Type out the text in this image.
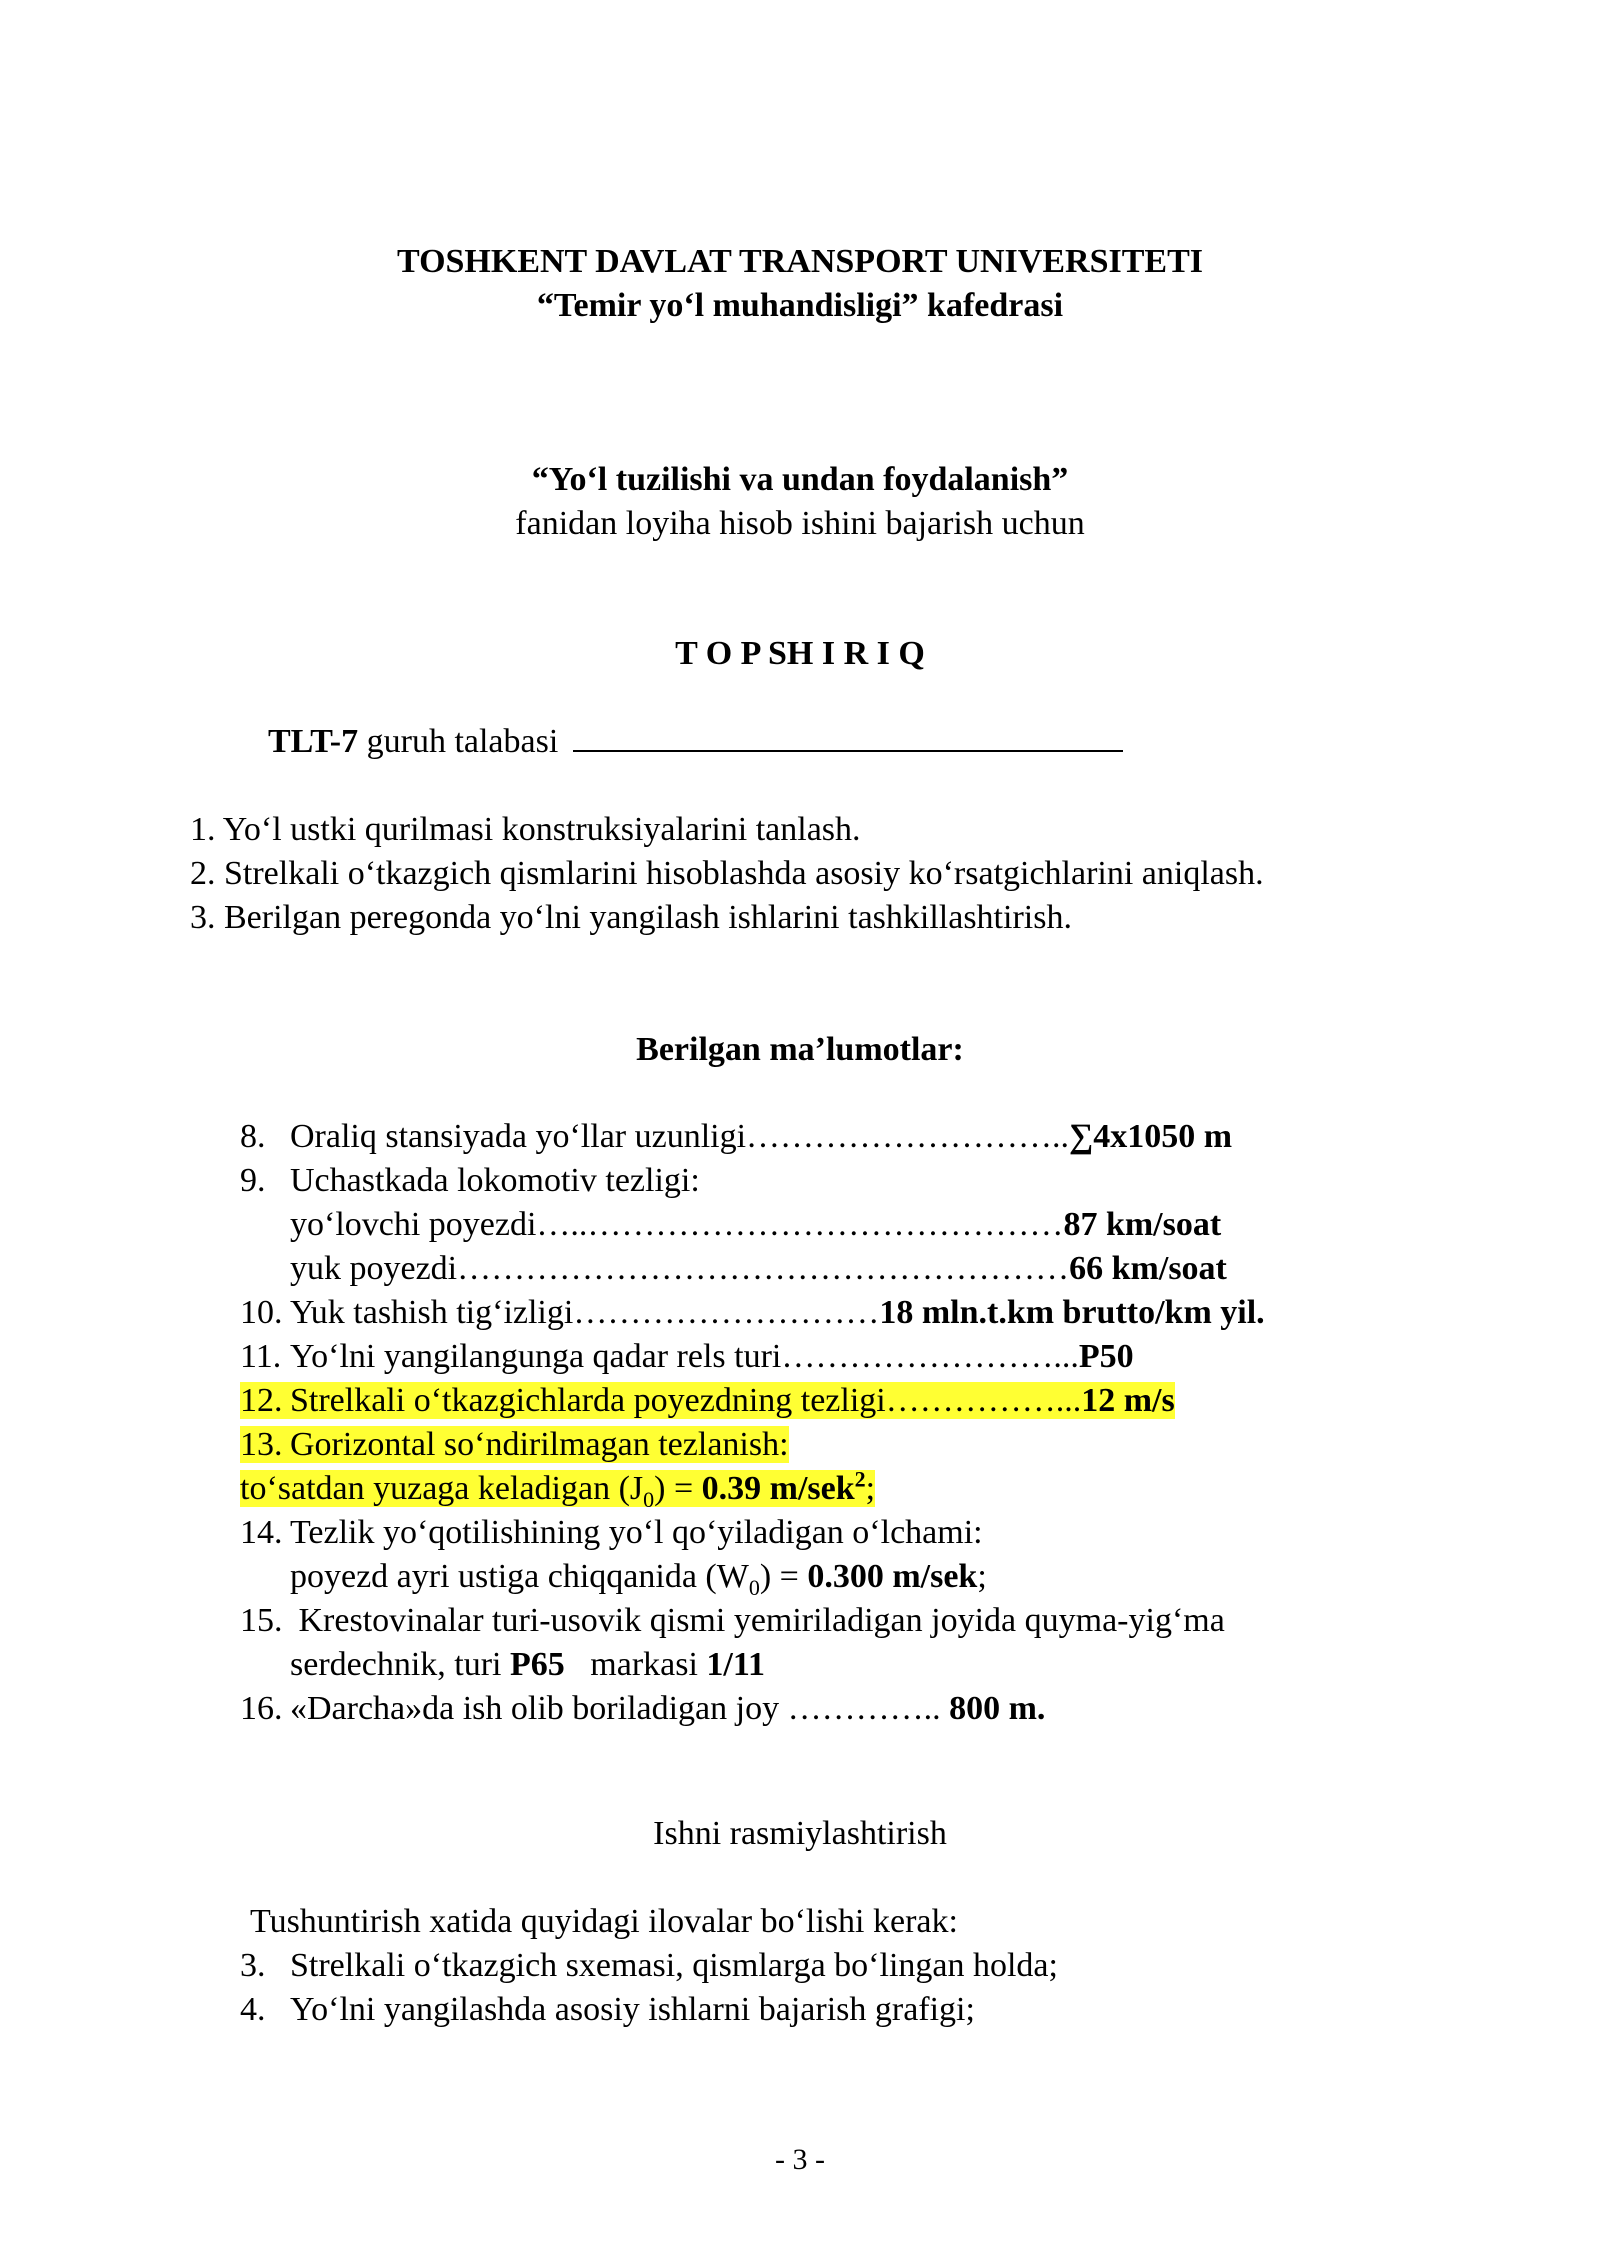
TOSHKENT DAVLAT TRANSPORT UNIVERSITETI
“Temir yo‘l muhandisligi” kafedrasi
“Yo‘l tuzilishi va undan foydalanish”
fanidan loyiha hisob ishini bajarish uchun
T O P SH I R I Q
TLT-7 guruh talabasi
1. Yo‘l ustki qurilmasi konstruksiyalarini tanlash.
2. Strelkali o‘tkazgich qismlarini hisoblashda asosiy ko‘rsatgichlarini aniqlash.
3. Berilgan peregonda yo‘lni yangilash ishlarini tashkillashtirish.
Berilgan ma’lumotlar:
8. Oraliq stansiyada yo‘llar uzunligi………………………..∑4x1050 m
9. Uchastkada lokomotiv tezligi:
yo‘lovchi poyezdi…..……………………………………87 km/soat
yuk poyezdi………………………………………………66 km/soat
10. Yuk tashish tig‘izligi………………………18 mln.t.km brutto/km yil.
11. Yo‘lni yangilangunga qadar rels turi……………………...P50
12. Strelkali o‘tkazgichlarda poyezdning tezligi……………...12 m/s
13. Gorizontal so‘ndirilmagan tezlanish:
to‘satdan yuzaga keladigan $(J_0) = 0.39$ m/sek$^2$;
14. Tezlik yo‘qotilishining yo‘l qo‘yiladigan o‘lchami:
poyezd ayri ustiga chiqqanida $(W_0) = 0.300$ m/sek;
15. Krestovinalar turi-usovik qismi yemiriladigan joyida quyma-yig‘ma
serdechnik, turi P65   markasi 1/11
16. «Darcha»da ish olib boriladigan joy ………….. 800 m.
Ishni rasmiylashtirish
Tushuntirish xatida quyidagi ilovalar bo‘lishi kerak:
3. Strelkali o‘tkazgich sxemasi, qismlarga bo‘lingan holda;
4. Yo‘lni yangilashda asosiy ishlarni bajarish grafigi;
- 3 -
